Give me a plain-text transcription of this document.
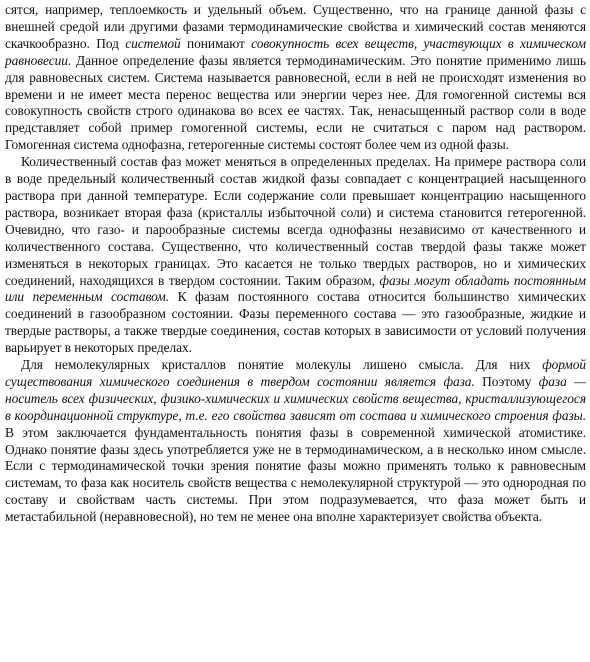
сятся, например, теплоемкость и удельный объем. Существенно, что на границе данной фазы с внешней средой или другими фазами термодинамические свойства и химический состав меняются скачкообразно. Под системой понимают совокупность всех веществ, участвующих в химическом равновесии. Данное определение фазы является термодинамическим. Это понятие применимо лишь для равновесных систем. Система называется равновесной, если в ней не происходят изменения во времени и не имеет места перенос вещества или энергии через нее. Для гомогенной системы вся совокупность свойств строго одинакова во всех ее частях. Так, ненасыщенный раствор соли в воде представляет собой пример гомогенной системы, если не считаться с паром над раствором. Гомогенная система однофазна, гетерогенные системы состоят более чем из одной фазы.

Количественный состав фаз может меняться в определенных пределах. На примере раствора соли в воде предельный количественный состав жидкой фазы совпадает с концентрацией насыщенного раствора при данной температуре. Если содержание соли превышает концентрацию насыщенного раствора, возникает вторая фаза (кристаллы избыточной соли) и система становится гетерогенной. Очевидно, что газо- и парообразные системы всегда однофазны независимо от качественного и количественного состава. Существенно, что количественный состав твердой фазы также может изменяться в некоторых границах. Это касается не только твердых растворов, но и химических соединений, находящихся в твердом состоянии. Таким образом, фазы могут обладать постоянным или переменным составом. К фазам постоянного состава относится большинство химических соединений в газообразном состоянии. Фазы переменного состава — это газообразные, жидкие и твердые растворы, а также твердые соединения, состав которых в зависимости от условий получения варьирует в некоторых пределах.

Для немолекулярных кристаллов понятие молекулы лишено смысла. Для них формой существования химического соединения в твердом состоянии является фаза. Поэтому фаза — носитель всех физических, физико-химических и химических свойств вещества, кристаллизующегося в координационной структуре, т.е. его свойства зависят от состава и химического строения фазы. В этом заключается фундаментальность понятия фазы в современной химической атомистике. Однако понятие фазы здесь употребляется уже не в термодинамическом, а в несколько ином смысле. Если с термодинамической точки зрения понятие фазы можно применять только к равновесным системам, то фаза как носитель свойств вещества с немолекулярной структурой — это однородная по составу и свойствам часть системы. При этом подразумевается, что фаза может быть и метастабильной (неравновесной), но тем не менее она вполне характеризует свойства объекта.
